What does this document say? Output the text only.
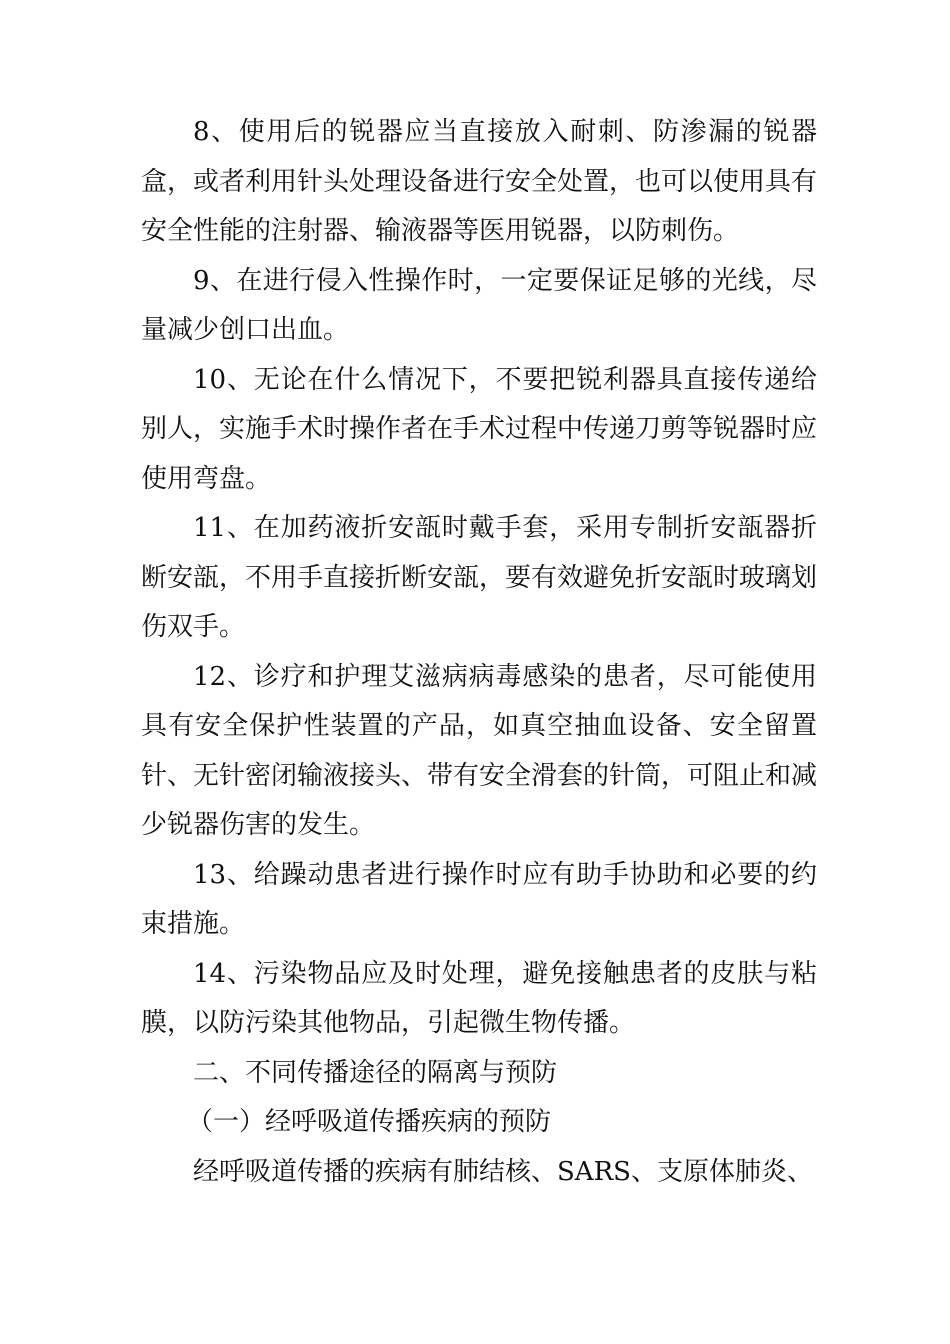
8、使用后的锐器应当直接放入耐刺、防渗漏的锐器盒，或者利用针头处理设备进行安全处置，也可以使用具有安全性能的注射器、输液器等医用锐器，以防刺伤。

9、在进行侵入性操作时，一定要保证足够的光线，尽量减少创口出血。

10、无论在什么情况下，不要把锐利器具直接传递给别人，实施手术时操作者在手术过程中传递刀剪等锐器时应使用弯盘。

11、在加药液折安瓿时戴手套，采用专制折安瓿器折断安瓿，不用手直接折断安瓿，要有效避免折安瓿时玻璃划伤双手。

12、诊疗和护理艾滋病病毒感染的患者，尽可能使用具有安全保护性装置的产品，如真空抽血设备、安全留置针、无针密闭输液接头、带有安全滑套的针筒，可阻止和减少锐器伤害的发生。

13、给躁动患者进行操作时应有助手协助和必要的约束措施。

14、污染物品应及时处理，避免接触患者的皮肤与粘膜，以防污染其他物品，引起微生物传播。

二、不同传播途径的隔离与预防

（一）经呼吸道传播疾病的预防

经呼吸道传播的疾病有肺结核、SARS、支原体肺炎、
